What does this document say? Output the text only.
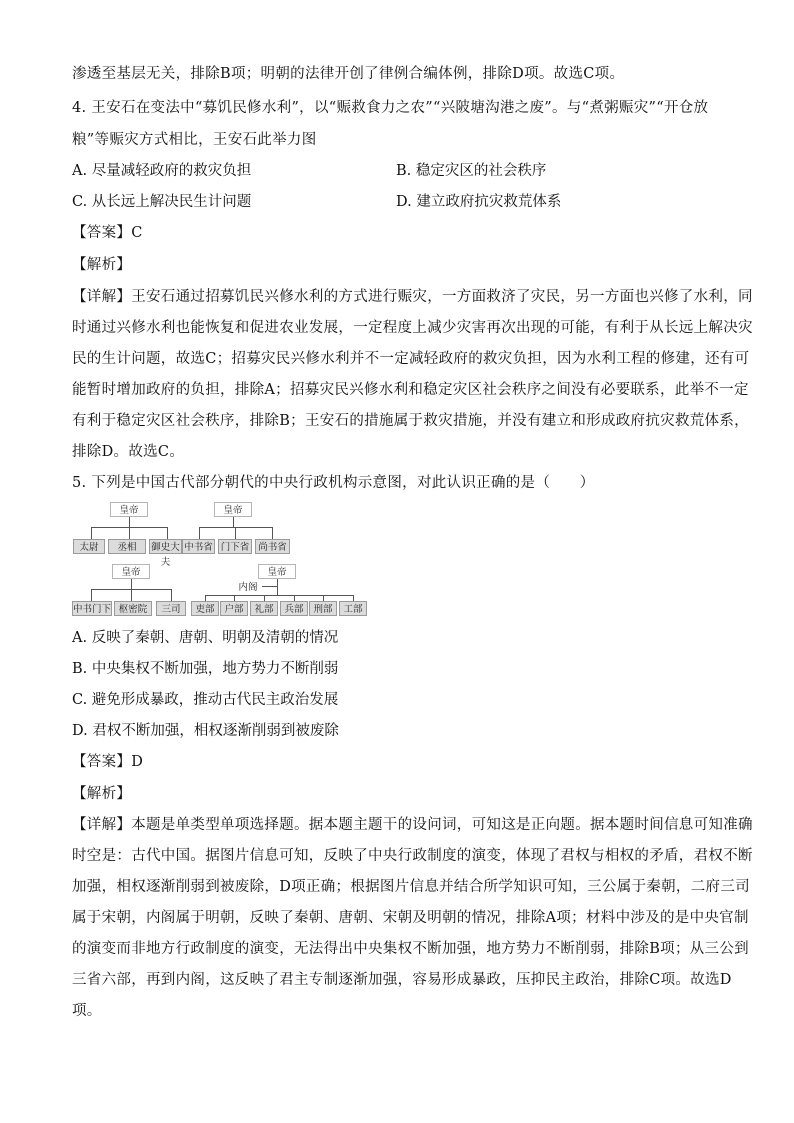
渗透至基层无关，排除B项；明朝的法律开创了律例合编体例，排除D项。故选C项。
4. 王安石在变法中“募饥民修水利”，以“赈救食力之农”“兴陂塘沟港之废”。与“煮粥赈灾”“开仓放
粮”等赈灾方式相比，王安石此举力图
A. 尽量减轻政府的救灾负担	B. 稳定灾区的社会秩序
C. 从长远上解决民生计问题	D. 建立政府抗灾救荒体系
【答案】C
【解析】
【详解】王安石通过招募饥民兴修水利的方式进行赈灾，一方面救济了灾民，另一方面也兴修了水利，同
时通过兴修水利也能恢复和促进农业发展，一定程度上减少灾害再次出现的可能，有利于从长远上解决灾
民的生计问题，故选C；招募灾民兴修水利并不一定减轻政府的救灾负担，因为水利工程的修建，还有可
能暂时增加政府的负担，排除A；招募灾民兴修水利和稳定灾区社会秩序之间没有必要联系，此举不一定
有利于稳定灾区社会秩序，排除B；王安石的措施属于救灾措施，并没有建立和形成政府抗灾救荒体系，
排除D。故选C。
5. 下列是中国古代部分朝代的中央行政机构示意图，对此认识正确的是（　　）
皇帝
太尉	丞相	御史大夫
皇帝
中书省 门下省 尚书省
皇帝
中书门下 枢密院	三司
皇帝
内阁
吏部	户部	礼部	兵部	刑部	工部
A. 反映了秦朝、唐朝、明朝及清朝的情况
B. 中央集权不断加强，地方势力不断削弱
C. 避免形成暴政，推动古代民主政治发展
D. 君权不断加强，相权逐渐削弱到被废除
【答案】D
【解析】
【详解】本题是单类型单项选择题。据本题主题干的设问词，可知这是正向题。据本题时间信息可知准确
时空是：古代中国。据图片信息可知，反映了中央行政制度的演变，体现了君权与相权的矛盾，君权不断
加强，相权逐渐削弱到被废除，D项正确；根据图片信息并结合所学知识可知，三公属于秦朝，二府三司
属于宋朝，内阁属于明朝，反映了秦朝、唐朝、宋朝及明朝的情况，排除A项；材料中涉及的是中央官制
的演变而非地方行政制度的演变，无法得出中央集权不断加强，地方势力不断削弱，排除B项；从三公到
三省六部，再到内阁，这反映了君主专制逐渐加强，容易形成暴政，压抑民主政治，排除C项。故选D
项。
